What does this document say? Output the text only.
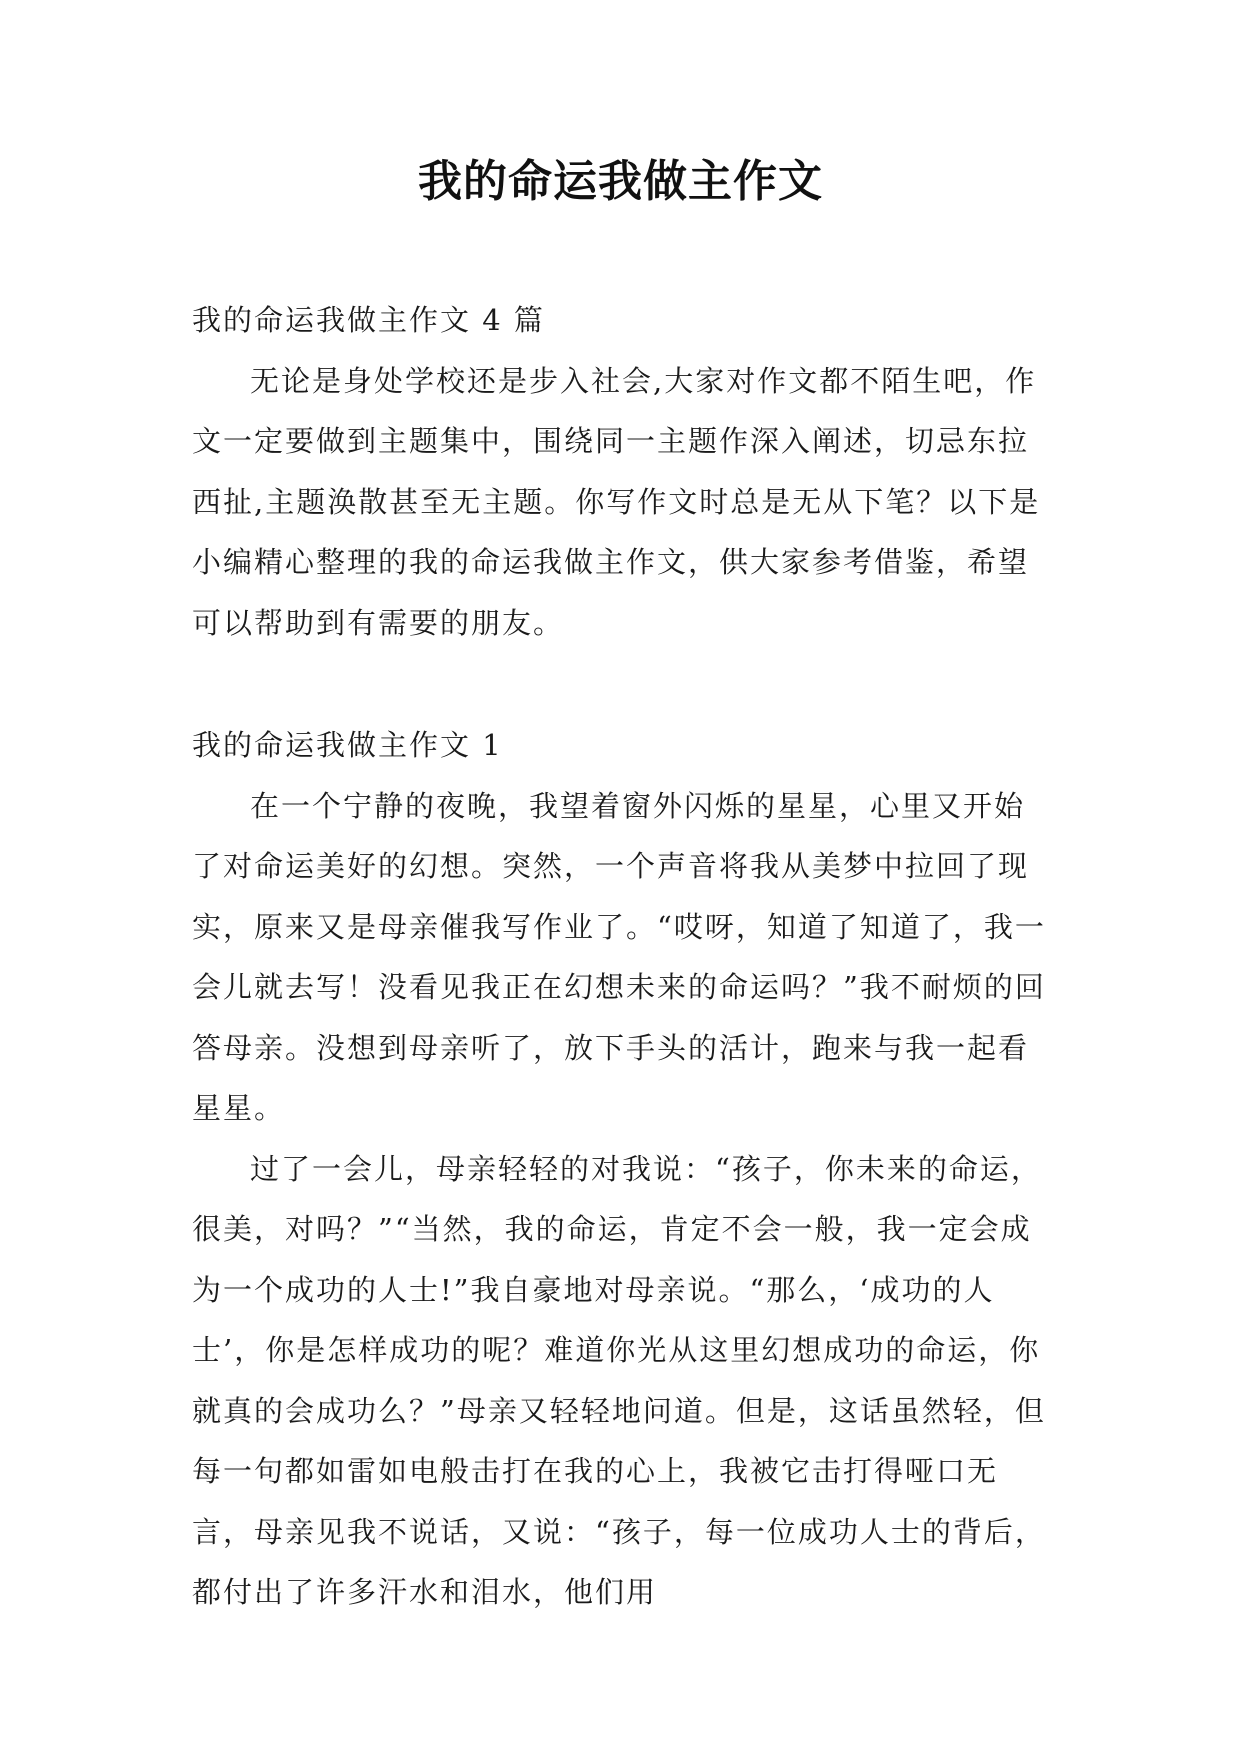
我的命运我做主作文

我的命运我做主作文 4 篇

无论是身处学校还是步入社会,大家对作文都不陌生吧，作文一定要做到主题集中，围绕同一主题作深入阐述，切忌东拉西扯,主题涣散甚至无主题。你写作文时总是无从下笔？以下是小编精心整理的我的命运我做主作文，供大家参考借鉴，希望可以帮助到有需要的朋友。

我的命运我做主作文 1

在一个宁静的夜晚，我望着窗外闪烁的星星，心里又开始了对命运美好的幻想。突然，一个声音将我从美梦中拉回了现实，原来又是母亲催我写作业了。“哎呀，知道了知道了，我一会儿就去写！没看见我正在幻想未来的命运吗？”我不耐烦的回答母亲。没想到母亲听了，放下手头的活计，跑来与我一起看星星。

过了一会儿，母亲轻轻的对我说：“孩子，你未来的命运，很美，对吗？”“当然，我的命运，肯定不会一般，我一定会成为一个成功的人士!”我自豪地对母亲说。“那么，‘成功的人士’，你是怎样成功的呢？难道你光从这里幻想成功的命运，你就真的会成功么？”母亲又轻轻地问道。但是，这话虽然轻，但每一句都如雷如电般击打在我的心上，我被它击打得哑口无言，母亲见我不说话，又说：“孩子，每一位成功人士的背后，都付出了许多汗水和泪水，他们用
